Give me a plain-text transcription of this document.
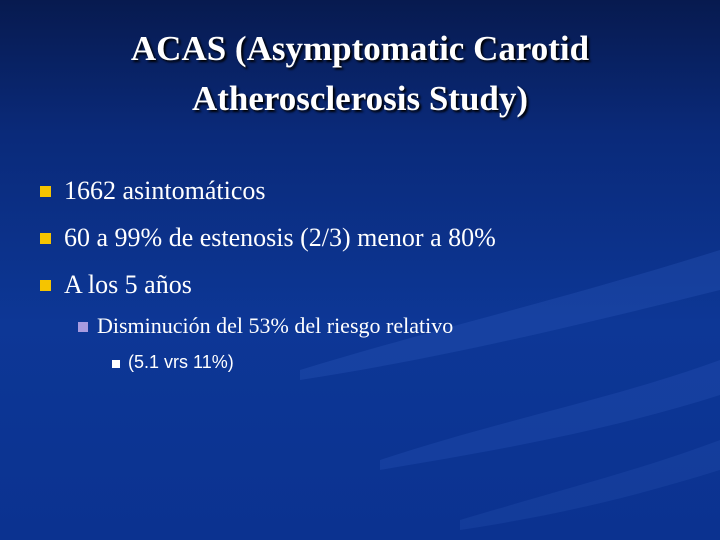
ACAS (Asymptomatic Carotid
Atherosclerosis Study)
1662 asintomáticos
60 a 99% de estenosis (2/3) menor a 80%
A los 5 años
Disminución del 53% del riesgo relativo
(5.1 vrs 11%)
